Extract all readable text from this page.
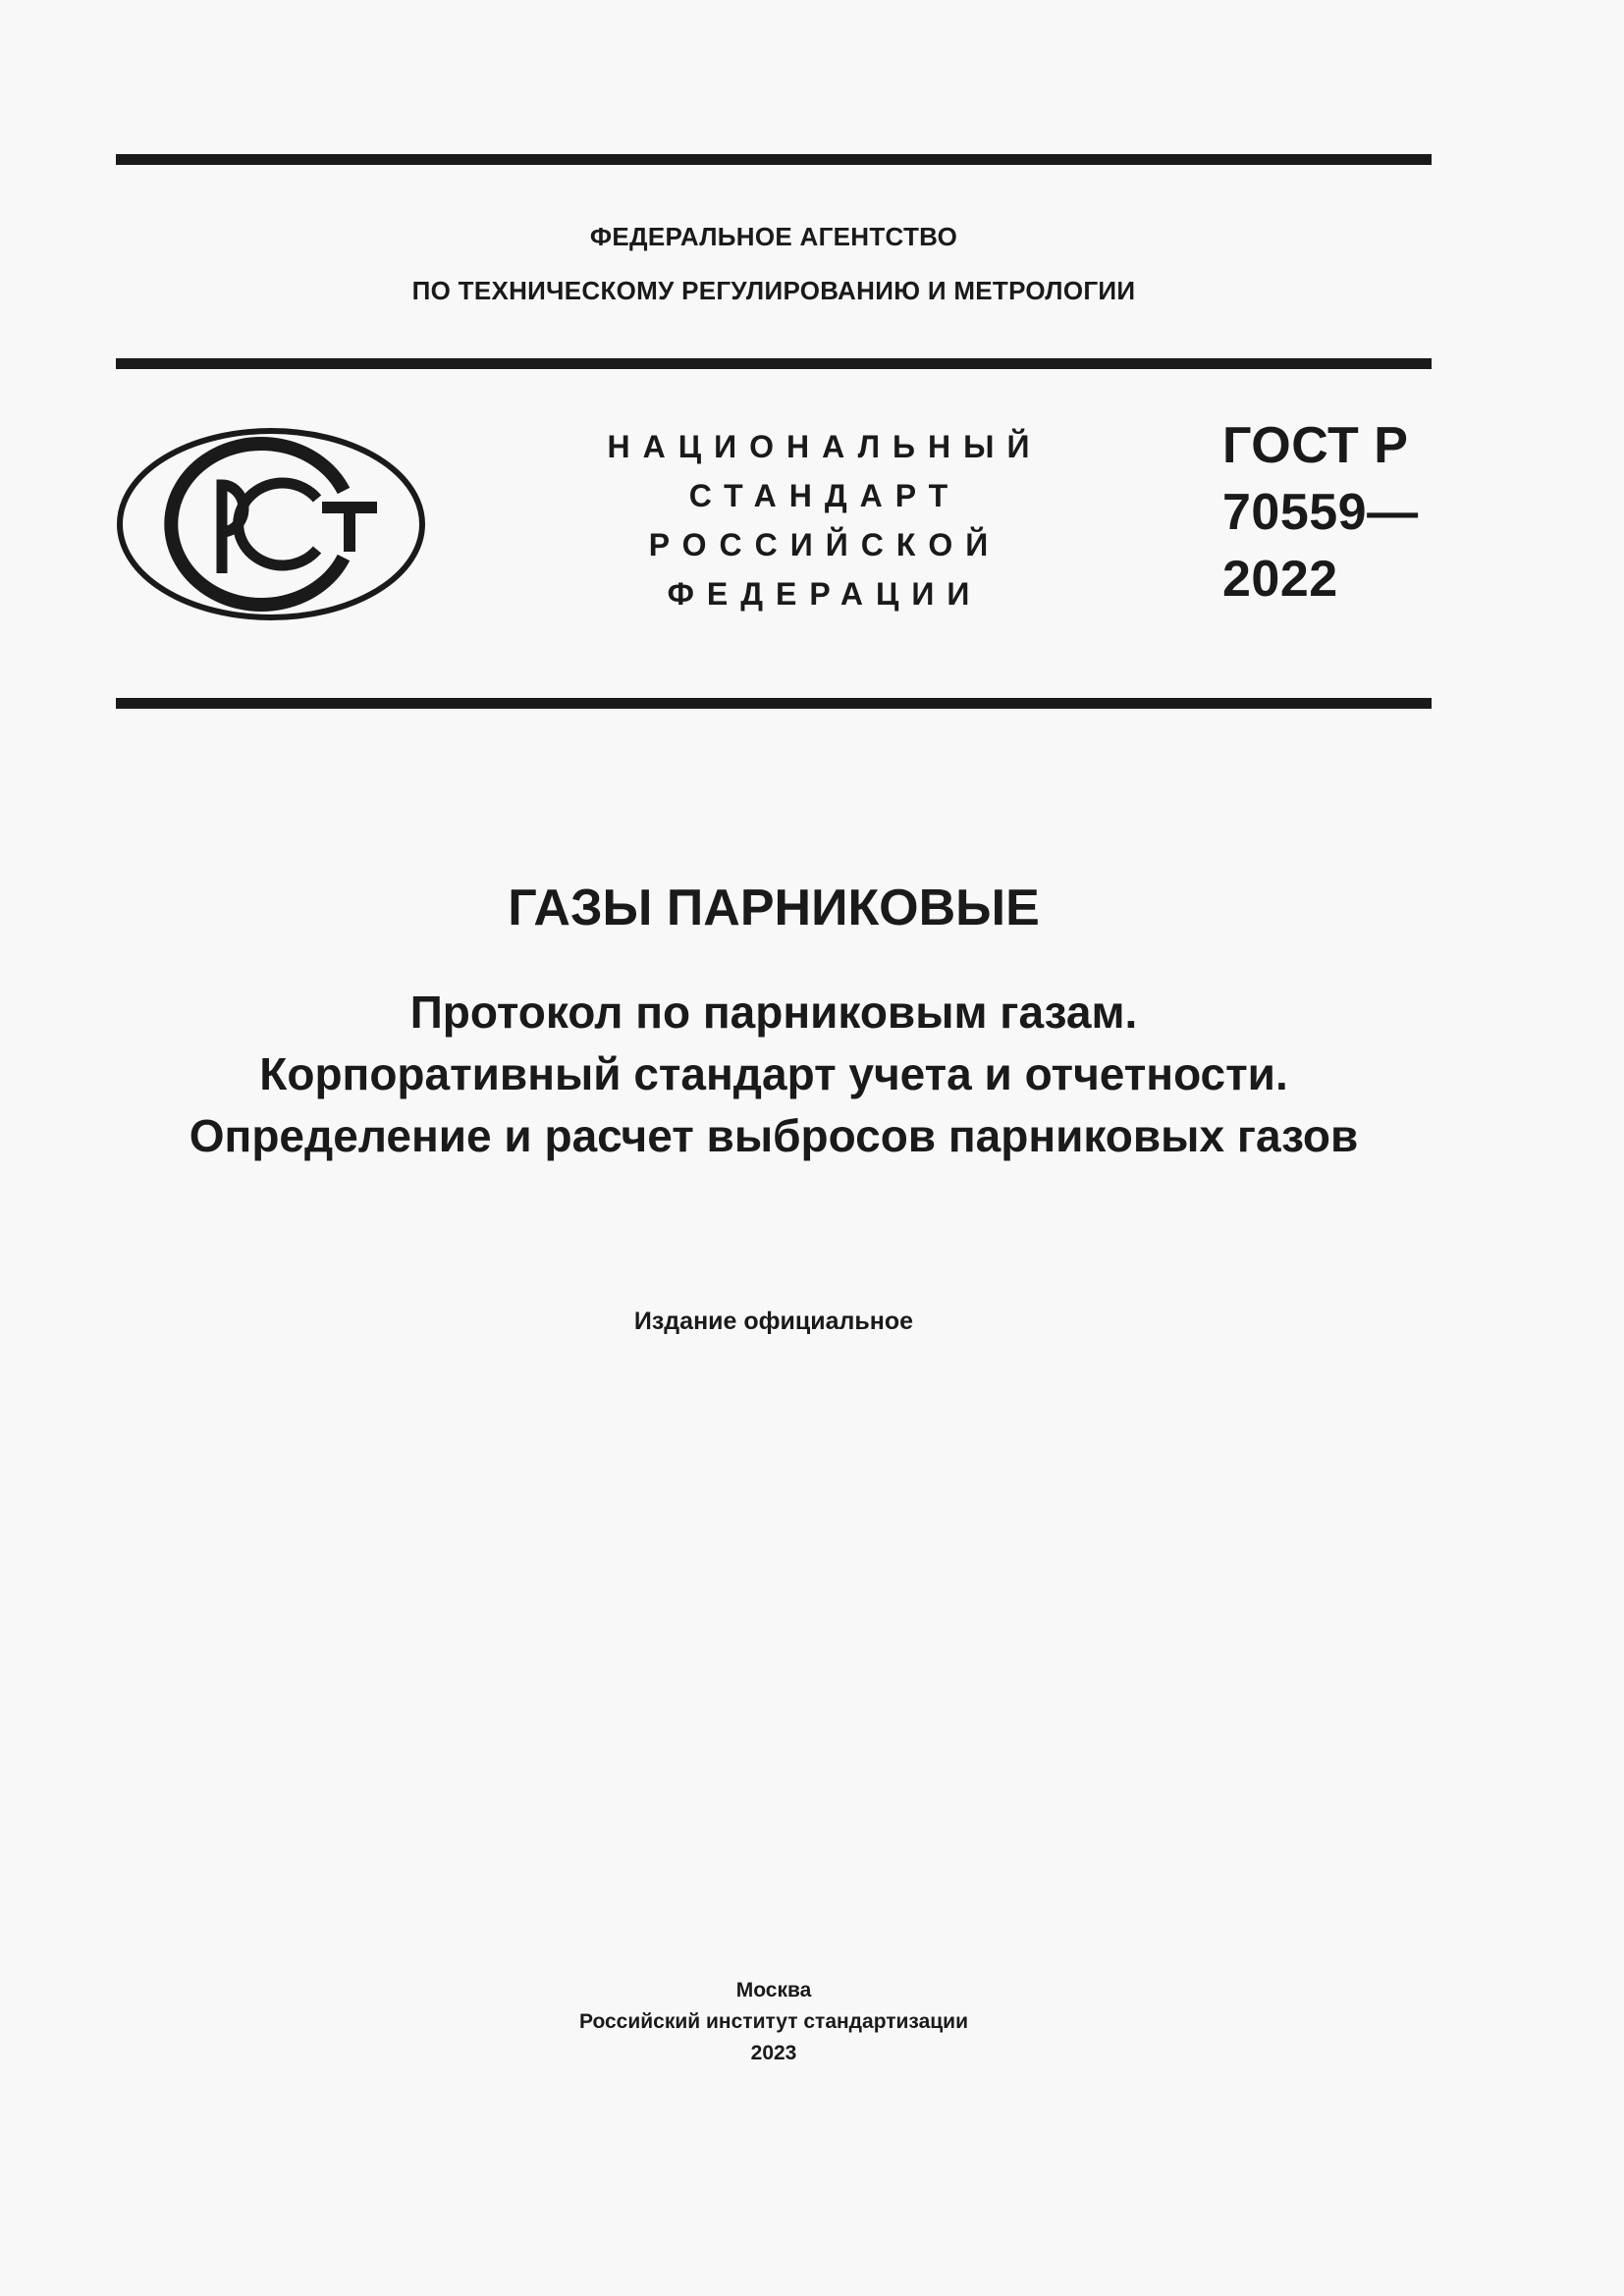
ФЕДЕРАЛЬНОЕ АГЕНТСТВО
ПО ТЕХНИЧЕСКОМУ РЕГУЛИРОВАНИЮ И МЕТРОЛОГИИ
НАЦИОНАЛЬНЫЙ
СТАНДАРТ
РОССИЙСКОЙ
ФЕДЕРАЦИИ
ГОСТ Р
70559—
2022
ГАЗЫ ПАРНИКОВЫЕ
Протокол по парниковым газам.
Корпоративный стандарт учета и отчетности.
Определение и расчет выбросов парниковых газов
Издание официальное
Москва
Российский институт стандартизации
2023
